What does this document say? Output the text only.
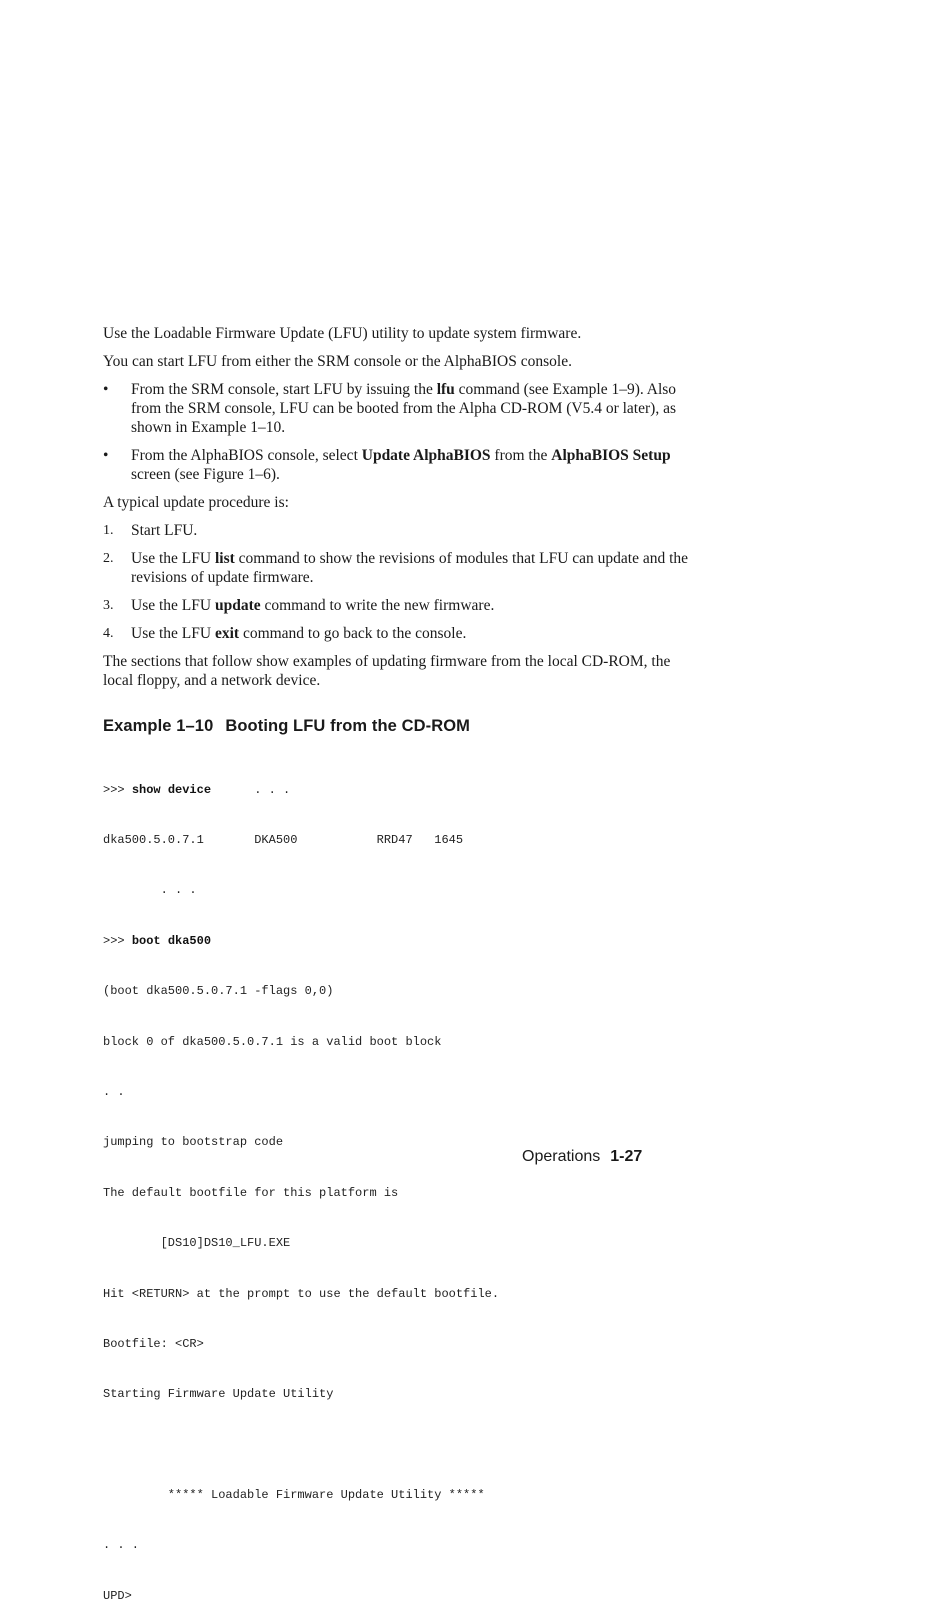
Use the Loadable Firmware Update (LFU) utility to update system firmware.

You can start LFU from either the SRM console or the AlphaBIOS console.

• From the SRM console, start LFU by issuing the lfu command (see Example 1–9). Also from the SRM console, LFU can be booted from the Alpha CD-ROM (V5.4 or later), as shown in Example 1–10.
• From the AlphaBIOS console, select Update AlphaBIOS from the AlphaBIOS Setup screen (see Figure 1–6).

A typical update procedure is:

1. Start LFU.
2. Use the LFU list command to show the revisions of modules that LFU can update and the revisions of update firmware.
3. Use the LFU update command to write the new firmware.
4. Use the LFU exit command to go back to the console.

The sections that follow show examples of updating firmware from the local CD-ROM, the local floppy, and a network device.

Example 1–10 Booting LFU from the CD-ROM

>>> show device      . . .

dka500.5.0.7.1       DKA500           RRD47   1645

. . .

>>> boot dka500

(boot dka500.5.0.7.1 -flags 0,0)

block 0 of dka500.5.0.7.1 is a valid boot block

. .

jumping to bootstrap code

The default bootfile for this platform is

[DS10]DS10_LFU.EXE

Hit <RETURN> at the prompt to use the default bootfile.

Bootfile: <CR>

Starting Firmware Update Utility

***** Loadable Firmware Update Utility *****

. . .

UPD>

Operations 1-27
